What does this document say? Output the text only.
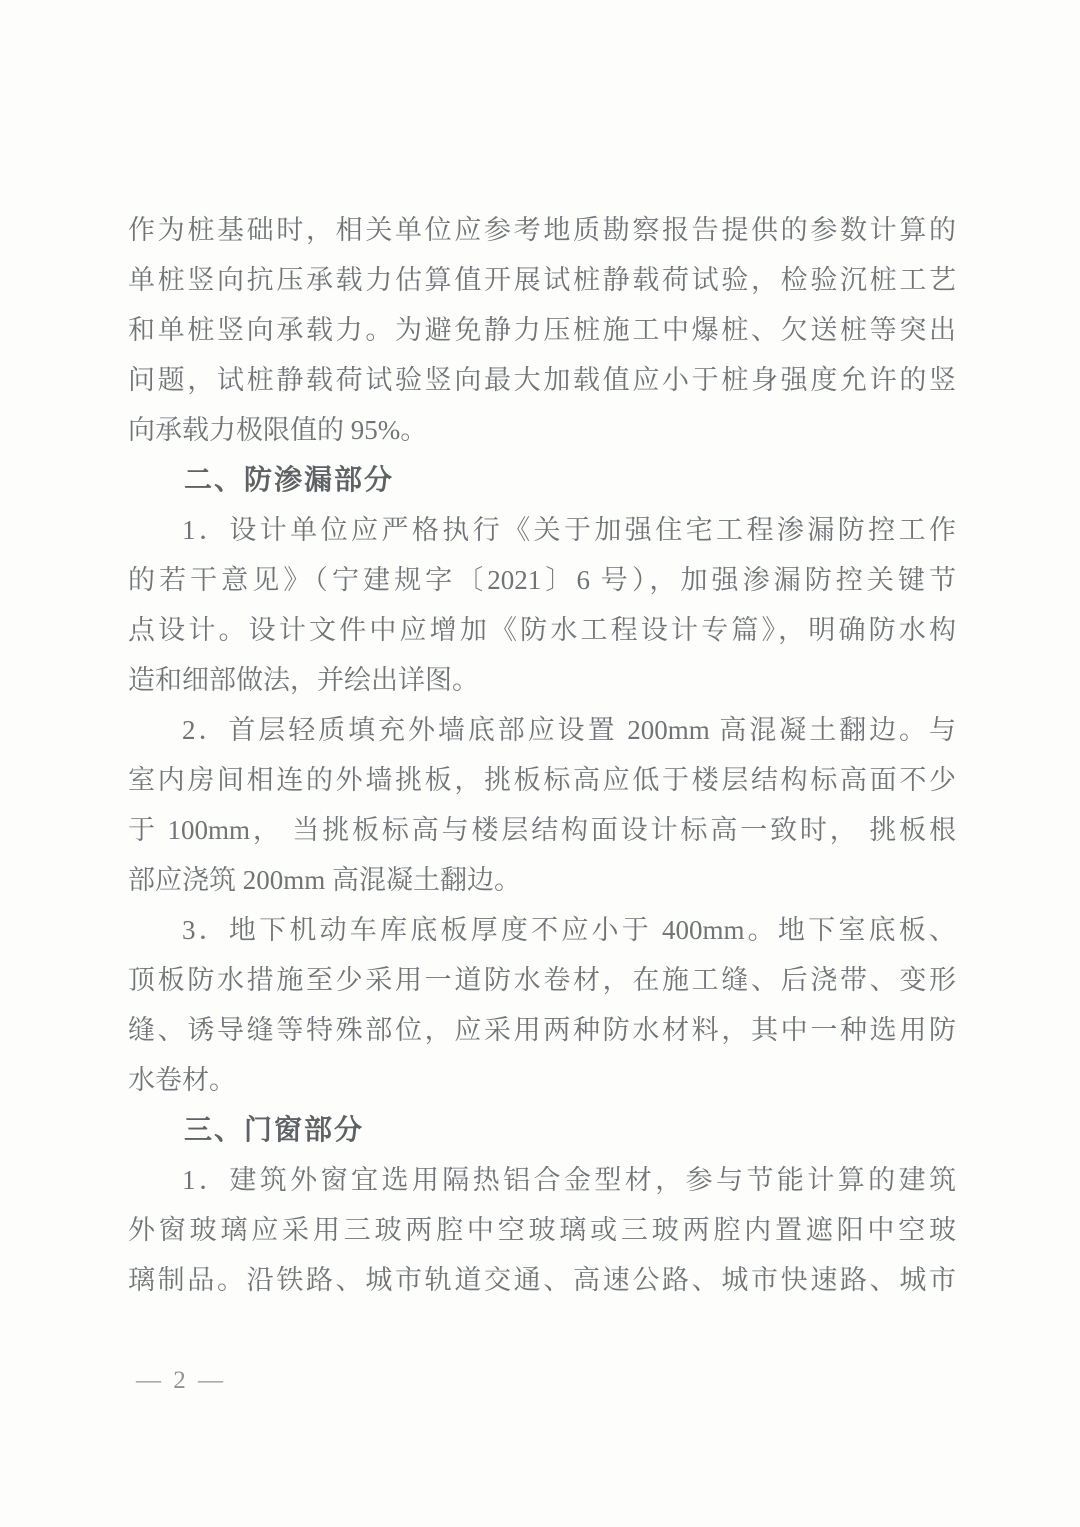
作为桩基础时，相关单位应参考地质勘察报告提供的参数计算的
单桩竖向抗压承载力估算值开展试桩静载荷试验，检验沉桩工艺
和单桩竖向承载力。为避免静力压桩施工中爆桩、欠送桩等突出
问题，试桩静载荷试验竖向最大加载值应小于桩身强度允许的竖
向承载力极限值的 95%。
二、防渗漏部分
1．设计单位应严格执行《关于加强住宅工程渗漏防控工作
的若干意见》（宁建规字〔2021〕6 号），加强渗漏防控关键节
点设计。设计文件中应增加《防水工程设计专篇》，明确防水构
造和细部做法，并绘出详图。
2．首层轻质填充外墙底部应设置 200mm 高混凝土翻边。与
室内房间相连的外墙挑板，挑板标高应低于楼层结构标高面不少
于 100mm， 当挑板标高与楼层结构面设计标高一致时， 挑板根
部应浇筑 200mm 高混凝土翻边。
3．地下机动车库底板厚度不应小于 400mm。地下室底板、
顶板防水措施至少采用一道防水卷材，在施工缝、后浇带、变形
缝、诱导缝等特殊部位，应采用两种防水材料，其中一种选用防
水卷材。
三、门窗部分
1．建筑外窗宜选用隔热铝合金型材，参与节能计算的建筑
外窗玻璃应采用三玻两腔中空玻璃或三玻两腔内置遮阳中空玻
璃制品。沿铁路、城市轨道交通、高速公路、城市快速路、城市
— 2 —
